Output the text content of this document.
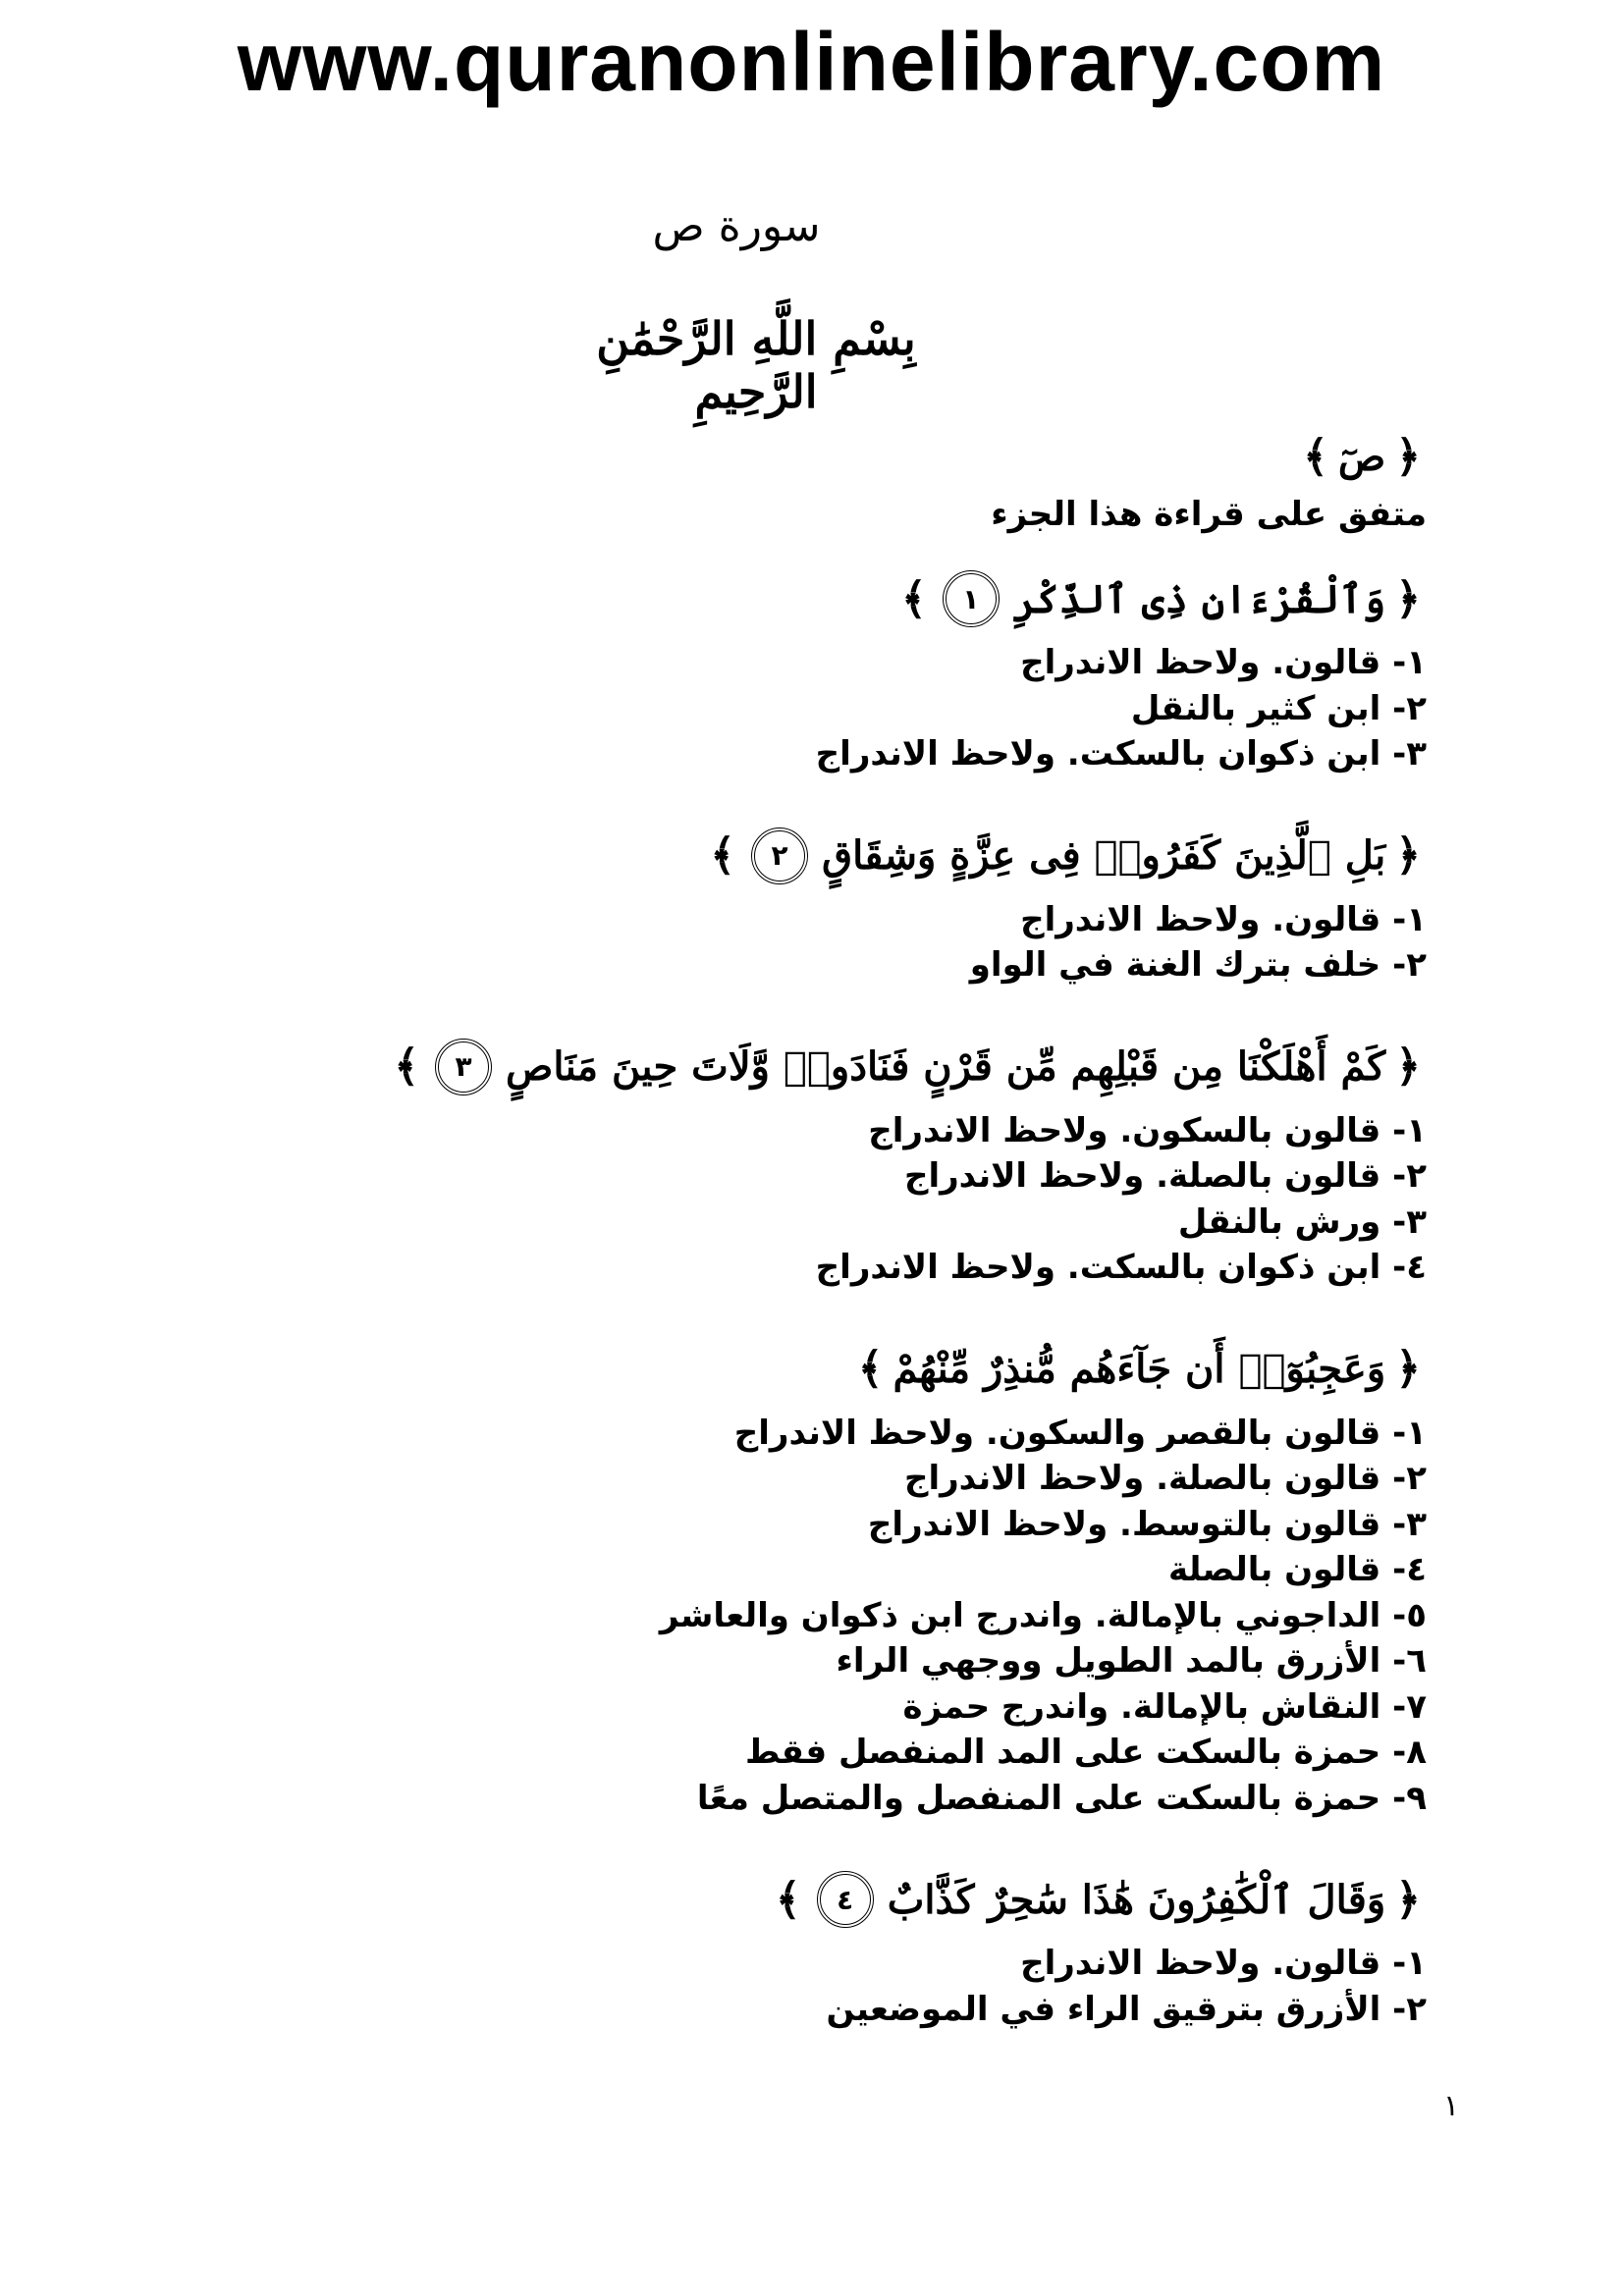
www.quranonlinelibrary.com
سورة ص
بِسْمِ اللَّهِ الرَّحْمَٰنِ الرَّحِيمِ
﴿
صٓ
﴾

متفق على قراءة هذا الجزء

﴿
وَٱلْقُرْءَانِ ذِى ٱلذِّكْرِ
١
﴾

١- قالون. ولاحظ الاندراج

٢- ابن كثير بالنقل

٣- ابن ذكوان بالسكت. ولاحظ الاندراج

﴿
بَلِ ٱلَّذِينَ كَفَرُوا۟ فِى عِزَّةٍ وَشِقَاقٍ
٢
﴾

١- قالون. ولاحظ الاندراج

٢- خلف بترك الغنة في الواو

﴿
كَمْ أَهْلَكْنَا مِن قَبْلِهِم مِّن قَرْنٍ فَنَادَوا۟ وَّلَاتَ حِينَ مَنَاصٍ
٣
﴾

١- قالون بالسكون. ولاحظ الاندراج

٢- قالون بالصلة. ولاحظ الاندراج

٣- ورش بالنقل

٤- ابن ذكوان بالسكت. ولاحظ الاندراج

﴿
وَعَجِبُوٓا۟ أَن جَآءَهُم مُّنذِرٌ مِّنْهُمْ
﴾

١- قالون بالقصر والسكون. ولاحظ الاندراج

٢- قالون بالصلة. ولاحظ الاندراج

٣- قالون بالتوسط. ولاحظ الاندراج

٤- قالون بالصلة

٥- الداجوني بالإمالة. واندرج ابن ذكوان والعاشر

٦- الأزرق بالمد الطويل ووجهي الراء

٧- النقاش بالإمالة. واندرج حمزة

٨- حمزة بالسكت على المد المنفصل فقط

٩- حمزة بالسكت على المنفصل والمتصل معًا

﴿
وَقَالَ ٱلْكَٰفِرُونَ هَٰذَا سَٰحِرٌ كَذَّابٌ
٤
﴾

١- قالون. ولاحظ الاندراج

٢- الأزرق بترقيق الراء في الموضعين

١
